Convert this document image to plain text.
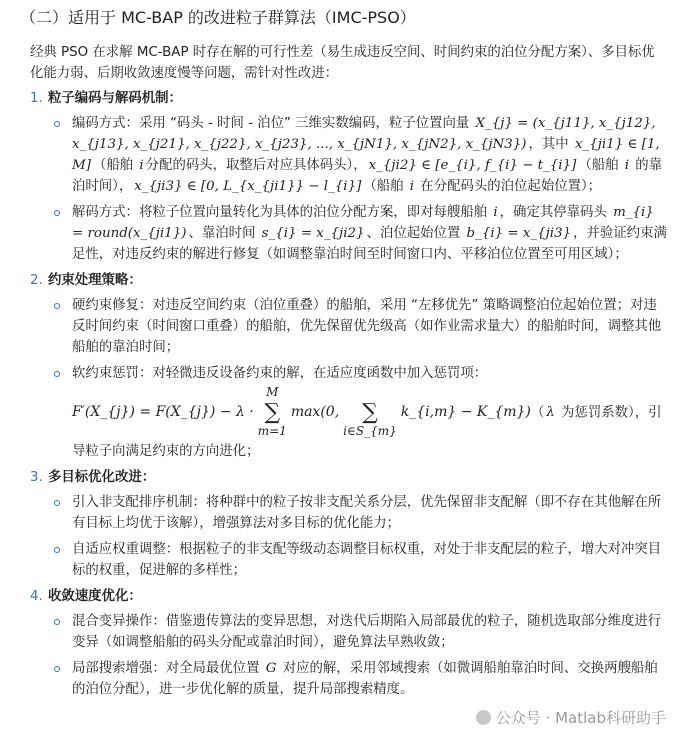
（二）适用于 MC-BAP 的改进粒子群算法（IMC-PSO）

经典 PSO 在求解 MC-BAP 时存在解的可行性差（易生成违反空间、时间约束的泊位分配方案）、多目标优化能力弱、后期收敛速度慢等问题，需针对性改进：

1. 粒子编码与解码机制：
编码方式：采用 “码头 - 时间 - 泊位” 三维实数编码，粒子位置向量 X_{j} = (x_{j11}, x_{j12}, x_{j13}, x_{j21}, x_{j22}, x_{j23}, ..., x_{jN1}, x_{jN2}, x_{jN3}) ，其中 x_{ji1} ∈ [1, M] （船舶 i 分配的码头，取整后对应具体码头）， x_{ji2} ∈ [e_{i}, f_{i} − t_{i}] （船舶 i 的靠泊时间）， x_{ji3} ∈ [0, L_{x_{ji1}} − l_{i}] （船舶 i 在分配码头的泊位起始位置）；
解码方式：将粒子位置向量转化为具体的泊位分配方案，即对每艘船舶 i ，确定其停靠码头 m_{i} = round(x_{ji1}) 、靠泊时间 s_{i} = x_{ji2} 、泊位起始位置 b_{i} = x_{ji3} ，并验证约束满足性，对违反约束的解进行修复（如调整靠泊时间至时间窗口内、平移泊位位置至可用区域）；
2. 约束处理策略：
硬约束修复：对违反空间约束（泊位重叠）的船舶，采用 “左移优先” 策略调整泊位起始位置；对违反时间约束（时间窗口重叠）的船舶，优先保留优先级高（如作业需求量大）的船舶时间，调整其他船舶的靠泊时间；
软约束惩罚：对轻微违反设备约束的解，在适应度函数中加入惩罚项：

F′(X_{j}) = F(X_{j}) − λ ·
M
∑
m=1
max(0,
∑
i∈S_{m}
k_{i,m} − K_{m}) （ λ 为惩罚系数），引导粒子向满足约束的方向进化；
3. 多目标优化改进：
引入非支配排序机制：将种群中的粒子按非支配关系分层，优先保留非支配解（即不存在其他解在所有目标上均优于该解），增强算法对多目标的优化能力；
自适应权重调整：根据粒子的非支配等级动态调整目标权重，对处于非支配层的粒子，增大对冲突目标的权重，促进解的多样性；
4. 收敛速度优化：
混合变异操作：借鉴遗传算法的变异思想，对迭代后期陷入局部最优的粒子，随机选取部分维度进行变异（如调整船舶的码头分配或靠泊时间），避免算法早熟收敛；
局部搜索增强：对全局最优位置 G 对应的解，采用邻域搜索（如微调船舶靠泊时间、交换两艘船舶的泊位分配），进一步优化解的质量，提升局部搜索精度。
公众号 · Matlab科研助手
